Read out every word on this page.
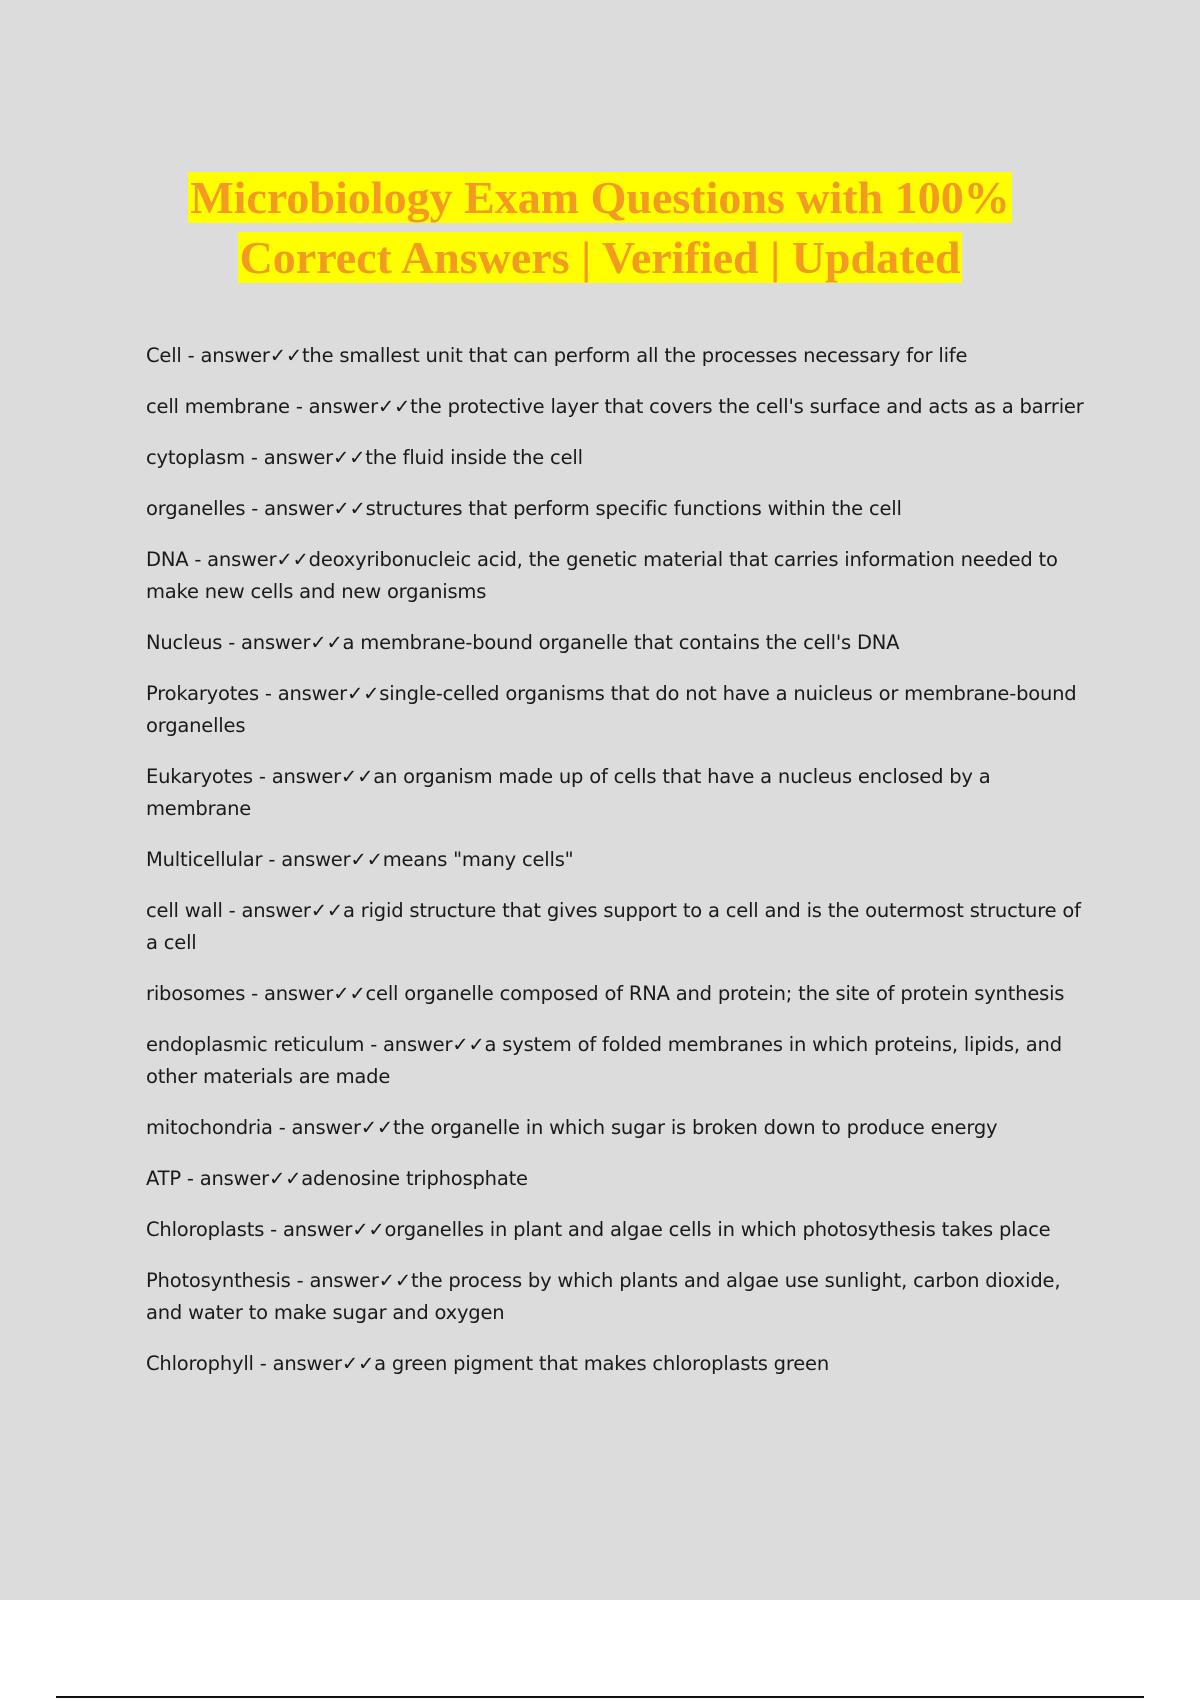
Microbiology Exam Questions with 100%
Correct Answers | Verified | Updated

Cell - answer✓✓the smallest unit that can perform all the processes necessary for life

cell membrane - answer✓✓the protective layer that covers the cell's surface and acts as a barrier

cytoplasm - answer✓✓the fluid inside the cell

organelles - answer✓✓structures that perform specific functions within the cell

DNA - answer✓✓deoxyribonucleic acid, the genetic material that carries information needed to make new cells and new organisms

Nucleus - answer✓✓a membrane-bound organelle that contains the cell's DNA

Prokaryotes - answer✓✓single-celled organisms that do not have a nuicleus or membrane-bound organelles

Eukaryotes - answer✓✓an organism made up of cells that have a nucleus enclosed by a membrane

Multicellular - answer✓✓means "many cells"

cell wall - answer✓✓a rigid structure that gives support to a cell and is the outermost structure of a cell

ribosomes - answer✓✓cell organelle composed of RNA and protein; the site of protein synthesis

endoplasmic reticulum - answer✓✓a system of folded membranes in which proteins, lipids, and other materials are made

mitochondria - answer✓✓the organelle in which sugar is broken down to produce energy

ATP - answer✓✓adenosine triphosphate

Chloroplasts - answer✓✓organelles in plant and algae cells in which photosythesis takes place

Photosynthesis - answer✓✓the process by which plants and algae use sunlight, carbon dioxide, and water to make sugar and oxygen

Chlorophyll - answer✓✓a green pigment that makes chloroplasts green
